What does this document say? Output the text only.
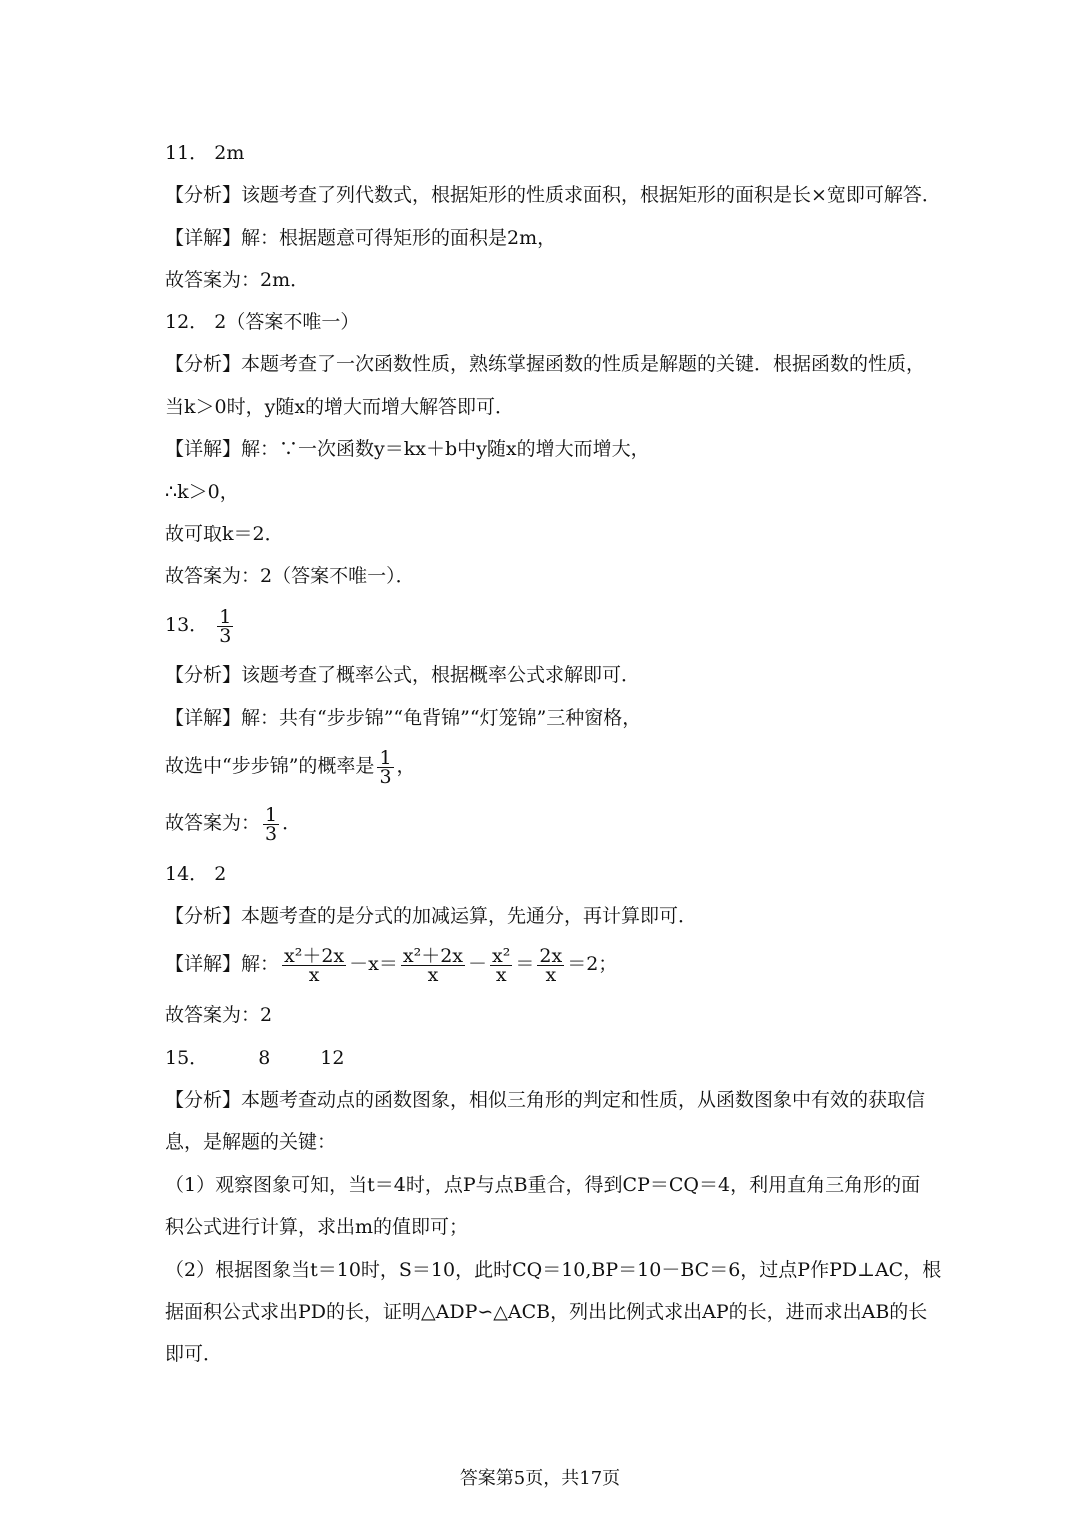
11． 2m
【分析】该题考查了列代数式，根据矩形的性质求面积，根据矩形的面积是长×宽即可解答．
【详解】解：根据题意可得矩形的面积是2m，
故答案为：2m．
12． 2（答案不唯一）
【分析】本题考查了一次函数性质，熟练掌握函数的性质是解题的关键．根据函数的性质，
当k＞0时，y随x的增大而增大解答即可．
【详解】解：∵一次函数y＝kx＋b中y随x的增大而增大，
∴k＞0，
故可取k＝2．
故答案为：2（答案不唯一）．
13． $\frac{1}{3}$
【分析】该题考查了概率公式，根据概率公式求解即可．
【详解】解：共有“步步锦”“龟背锦”“灯笼锦”三种窗格，
故选中“步步锦”的概率是 $\frac{1}{3}$ ，
故答案为： $\frac{1}{3}$ ．
14． 2
【分析】本题考查的是分式的加减运算，先通分，再计算即可．
【详解】解： $\frac{\text{x²＋2x}}{x} -x= \frac{\text{x²＋2x}}{x} - \frac{\text{x²}}{x} = \frac{2x}{x} =2$；
故答案为：2
15．	8	12
【分析】本题考查动点的函数图象，相似三角形的判定和性质，从函数图象中有效的获取信
息，是解题的关键：
（1）观察图象可知，当t＝4时，点P与点B重合，得到CP＝CQ＝4，利用直角三角形的面
积公式进行计算，求出m的值即可；
（2）根据图象当t＝10时，S＝10，此时CQ＝10,BP＝10－BC＝6，过点P作PD⊥AC，根
据面积公式求出PD的长，证明△ADP∽△ACB，列出比例式求出AP的长，进而求出AB的长
即可．
答案第5页，共17页
